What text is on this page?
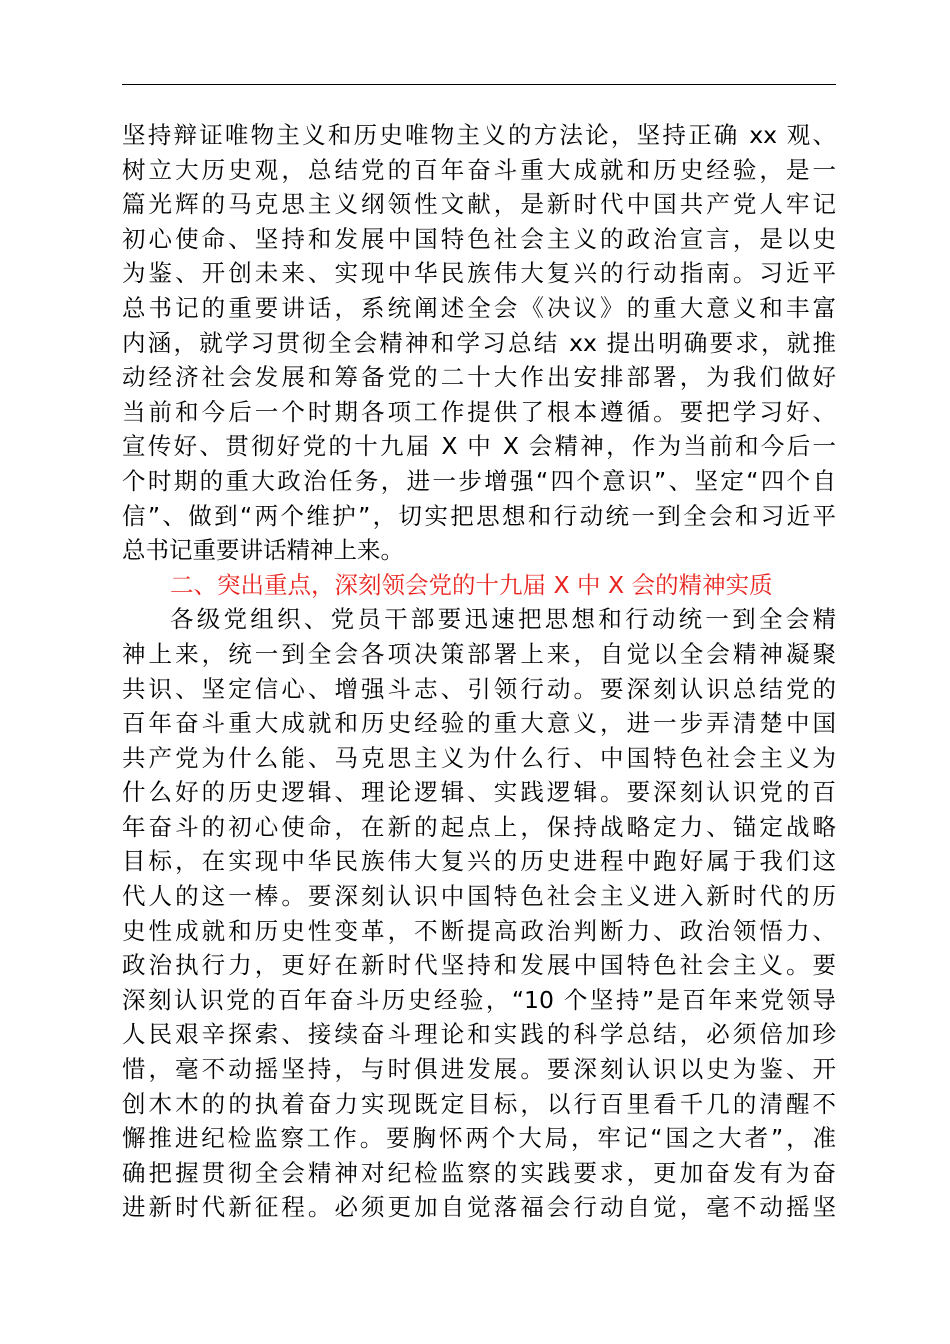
坚持辩证唯物主义和历史唯物主义的方法论，坚持正确 xx 观、
树立大历史观，总结党的百年奋斗重大成就和历史经验，是一
篇光辉的马克思主义纲领性文献，是新时代中国共产党人牢记
初心使命、坚持和发展中国特色社会主义的政治宣言，是以史
为鉴、开创未来、实现中华民族伟大复兴的行动指南。习近平
总书记的重要讲话，系统阐述全会《决议》的重大意义和丰富
内涵，就学习贯彻全会精神和学习总结 xx 提出明确要求，就推
动经济社会发展和筹备党的二十大作出安排部署，为我们做好
当前和今后一个时期各项工作提供了根本遵循。要把学习好、
宣传好、贯彻好党的十九届 X 中 X 会精神，作为当前和今后一
个时期的重大政治任务，进一步增强“四个意识”、坚定“四个自
信”、做到“两个维护”，切实把思想和行动统一到全会和习近平
总书记重要讲话精神上来。
二、突出重点，深刻领会党的十九届 X 中 X 会的精神实质
各级党组织、党员干部要迅速把思想和行动统一到全会精
神上来，统一到全会各项决策部署上来，自觉以全会精神凝聚
共识、坚定信心、增强斗志、引领行动。要深刻认识总结党的
百年奋斗重大成就和历史经验的重大意义，进一步弄清楚中国
共产党为什么能、马克思主义为什么行、中国特色社会主义为
什么好的历史逻辑、理论逻辑、实践逻辑。要深刻认识党的百
年奋斗的初心使命，在新的起点上，保持战略定力、锚定战略
目标，在实现中华民族伟大复兴的历史进程中跑好属于我们这
代人的这一棒。要深刻认识中国特色社会主义进入新时代的历
史性成就和历史性变革，不断提高政治判断力、政治领悟力、
政治执行力，更好在新时代坚持和发展中国特色社会主义。要
深刻认识党的百年奋斗历史经验，“10 个坚持”是百年来党领导
人民艰辛探索、接续奋斗理论和实践的科学总结，必须倍加珍
惜，毫不动摇坚持，与时俱进发展。要深刻认识以史为鉴、开
创木木的的执着奋力实现既定目标，以行百里看千几的清醒不
懈推进纪检监察工作。要胸怀两个大局，牢记“国之大者”，准
确把握贯彻全会精神对纪检监察的实践要求，更加奋发有为奋
进新时代新征程。必须更加自觉落福会行动自觉，毫不动摇坚
